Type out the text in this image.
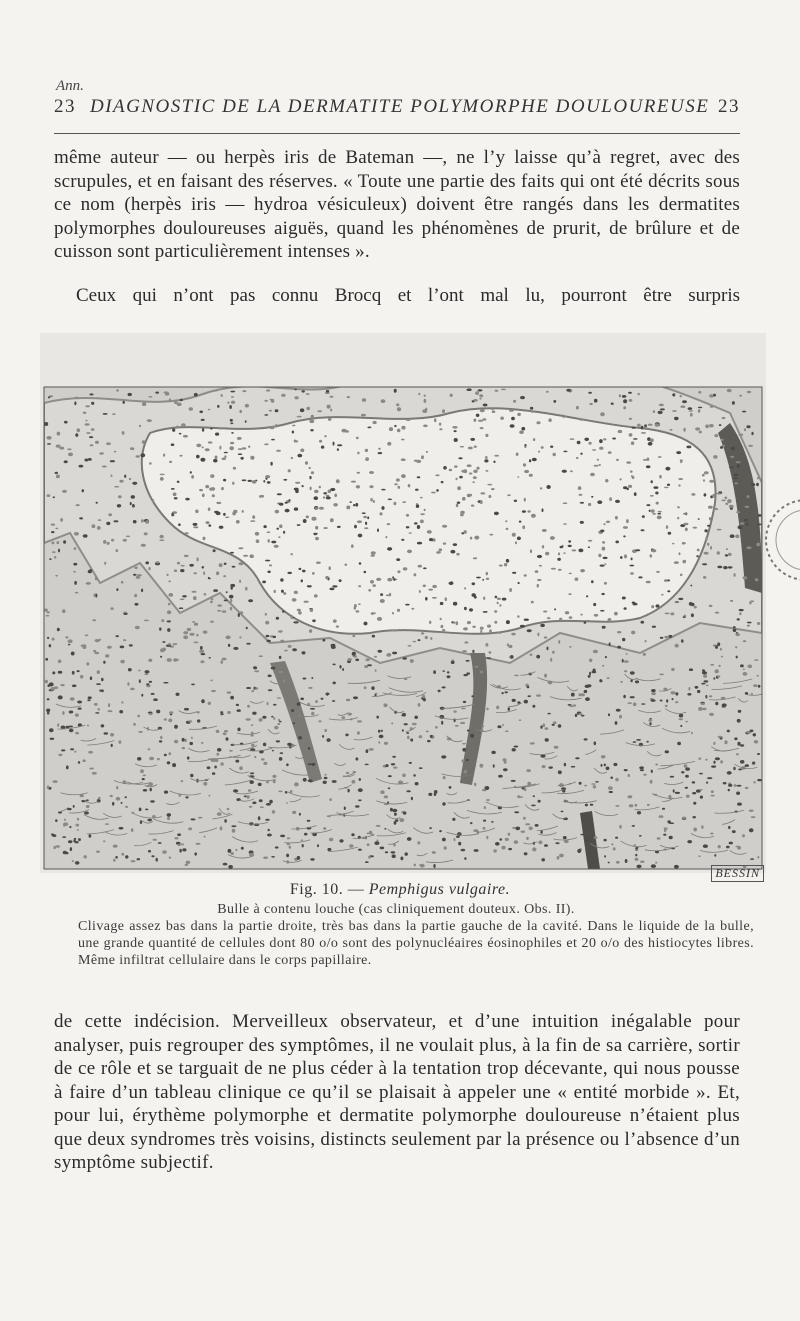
Ann.
23 DIAGNOSTIC DE LA DERMATITE POLYMORPHE DOULOUREUSE 23
même auteur — ou herpès iris de Bateman —, ne l’y laisse qu’à regret, avec des scrupules, et en faisant des réserves. « Toute une partie des faits qui ont été décrits sous ce nom (herpès iris — hydroa vésiculeux) doivent être rangés dans les dermatites polymorphes douloureuses aiguës, quand les phénomènes de prurit, de brûlure et de cuisson sont particulièrement intenses ».
Ceux qui n’ont pas connu Brocq et l’ont mal lu, pourront être surpris
BESSIN
Fig. 10. — Pemphigus vulgaire.
Bulle à contenu louche (cas cliniquement douteux. Obs. II).
Clivage assez bas dans la partie droite, très bas dans la partie gauche de la cavité. Dans le liquide de la bulle, une grande quantité de cellules dont 80 o/o sont des polynucléaires éosinophiles et 20 o/o des histiocytes libres. Même infiltrat cellulaire dans le corps papillaire.
de cette indécision. Merveilleux observateur, et d’une intuition inégalable pour analyser, puis regrouper des symptômes, il ne voulait plus, à la fin de sa carrière, sortir de ce rôle et se targuait de ne plus céder à la tentation trop décevante, qui nous pousse à faire d’un tableau clinique ce qu’il se plaisait à appeler une « entité morbide ». Et, pour lui, érythème polymorphe et dermatite polymorphe douloureuse n’étaient plus que deux syndromes très voisins, distincts seulement par la présence ou l’absence d’un symptôme subjectif.
